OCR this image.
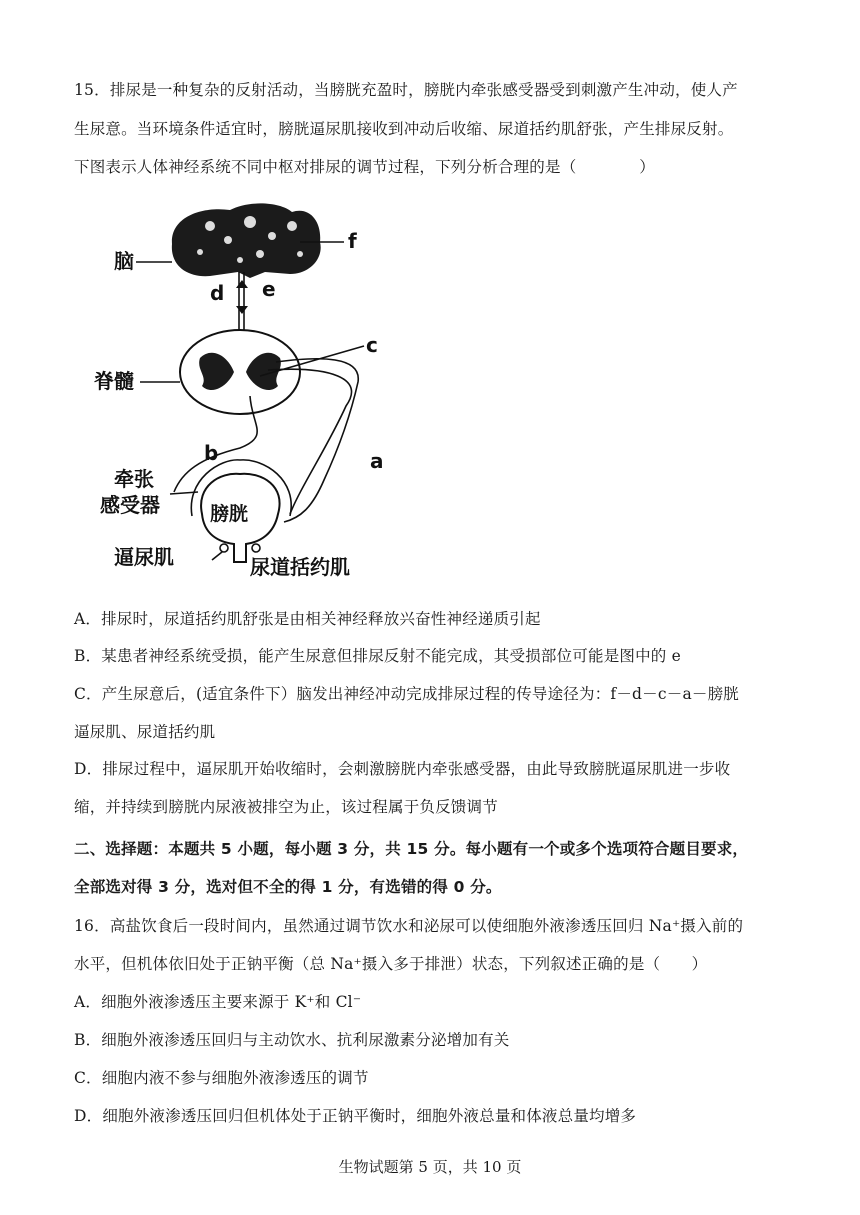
15．排尿是一种复杂的反射活动，当膀胱充盈时，膀胱内牵张感受器受到刺激产生冲动，使人产
生尿意。当环境条件适宜时，膀胱逼尿肌接收到冲动后收缩、尿道括约肌舒张，产生排尿反射。
下图表示人体神经系统不同中枢对排尿的调节过程，下列分析合理的是（　　　　）
脑
f
d e
c
脊髓
b	a
牵张
感受器	膀胱
逼尿肌	尿道括约肌
A．排尿时，尿道括约肌舒张是由相关神经释放兴奋性神经递质引起
B．某患者神经系统受损，能产生尿意但排尿反射不能完成，其受损部位可能是图中的 e
C．产生尿意后，(适宜条件下）脑发出神经冲动完成排尿过程的传导途径为：f－d－c－a－膀胱
逼尿肌、尿道括约肌
D．排尿过程中，逼尿肌开始收缩时，会刺激膀胱内牵张感受器，由此导致膀胱逼尿肌进一步收
缩，并持续到膀胱内尿液被排空为止，该过程属于负反馈调节
二、选择题：本题共 5 小题，每小题 3 分，共 15 分。每小题有一个或多个选项符合题目要求，
全部选对得 3 分，选对但不全的得 1 分，有选错的得 0 分。
16．高盐饮食后一段时间内，虽然通过调节饮水和泌尿可以使细胞外液渗透压回归 Na⁺摄入前的
水平，但机体依旧处于正钠平衡（总 Na⁺摄入多于排泄）状态，下列叙述正确的是（　　）
A．细胞外液渗透压主要来源于 K⁺和 Cl⁻
B．细胞外液渗透压回归与主动饮水、抗利尿激素分泌增加有关
C．细胞内液不参与细胞外液渗透压的调节
D．细胞外液渗透压回归但机体处于正钠平衡时，细胞外液总量和体液总量均增多
生物试题第 5 页，共 10 页
